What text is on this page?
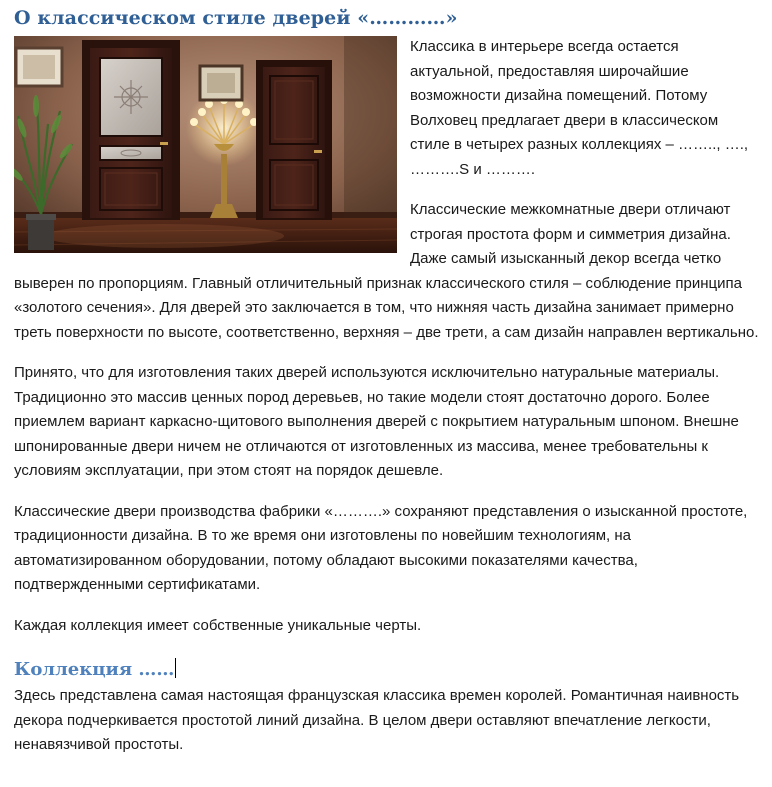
О классическом стиле дверей «…………»

Классика в интерьере всегда остается актуальной, предоставляя широчайшие возможности дизайна помещений. Потому Волховец предлагает двери в классическом стиле в четырех разных коллекциях – …….., …., ……….S и ……….

Классические межкомнатные двери отличают строгая простота форм и симметрия дизайна. Даже самый изысканный декор всегда четко выверен по пропорциям. Главный отличительный признак классического стиля – соблюдение принципа «золотого сечения». Для дверей это заключается в том, что нижняя часть дизайна занимает примерно треть поверхности по высоте, соответственно, верхняя – две трети, а сам дизайн направлен вертикально.

Принято, что для изготовления таких дверей используются исключительно натуральные материалы. Традиционно это массив ценных пород деревьев, но такие модели стоят достаточно дорого. Более приемлем вариант каркасно-щитового выполнения дверей с покрытием натуральным шпоном. Внешне шпонированные двери ничем не отличаются от изготовленных из массива, менее требовательны к условиям эксплуатации, при этом стоят на порядок дешевле.

Классические двери производства фабрики «……….» сохраняют представления о изысканной простоте, традиционности дизайна. В то же время они изготовлены по новейшим технологиям, на автоматизированном оборудовании, потому обладают высокими показателями качества, подтвержденными сертификатами.

Каждая коллекция имеет собственные уникальные черты.

Коллекция ……

Здесь представлена самая настоящая французская классика времен королей. Романтичная наивность декора подчеркивается простотой линий дизайна. В целом двери оставляют впечатление легкости, ненавязчивой простоты.
